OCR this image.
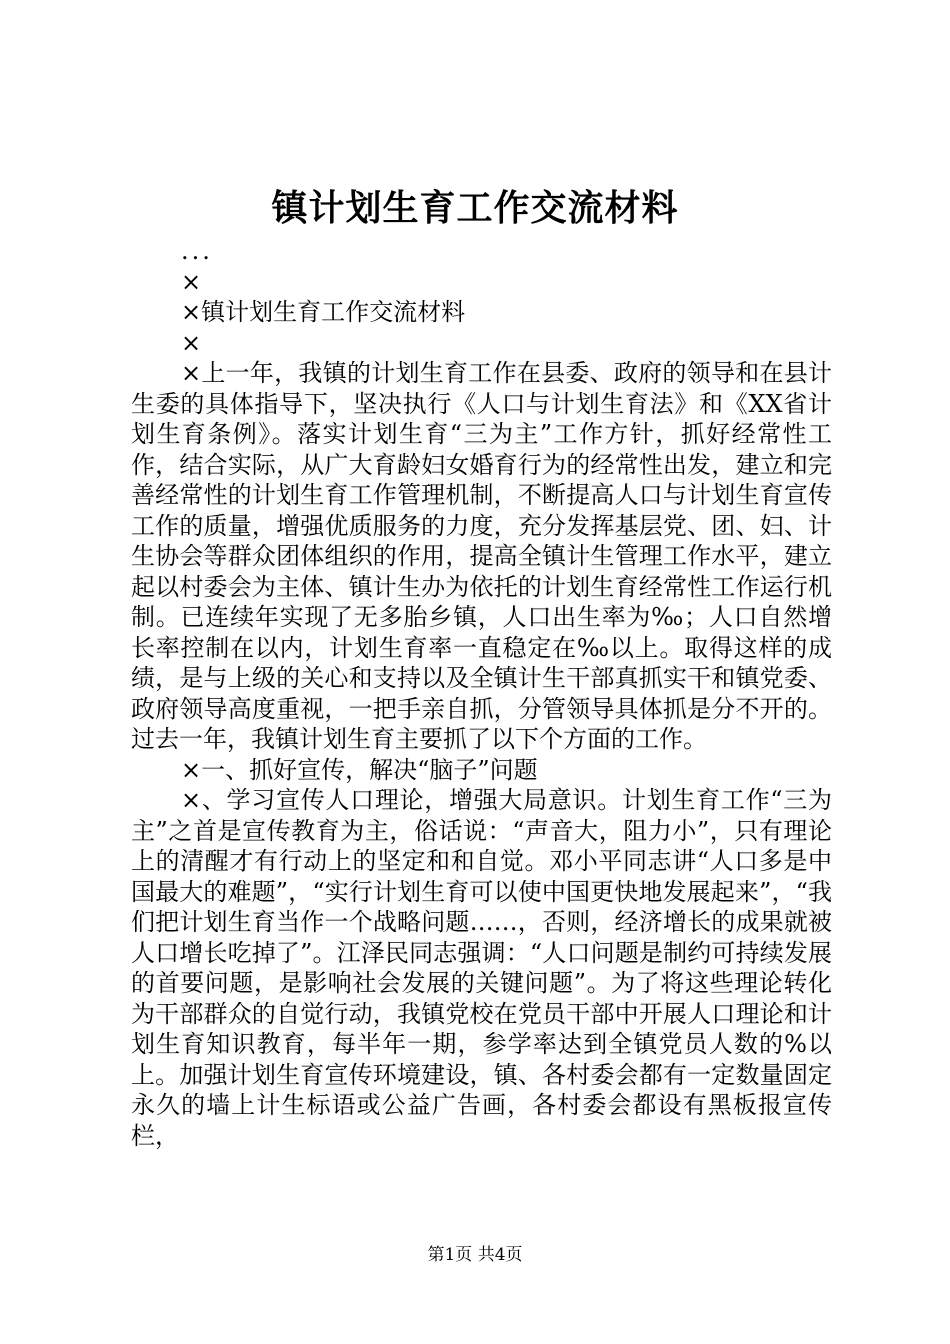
镇计划生育工作交流材料

...

×

×镇计划生育工作交流材料

×

×上一年，我镇的计划生育工作在县委、政府的领导和在县计生委的具体指导下，坚决执行《人口与计划生育法》和《XX省计划生育条例》。落实计划生育“三为主”工作方针，抓好经常性工作，结合实际，从广大育龄妇女婚育行为的经常性出发，建立和完善经常性的计划生育工作管理机制，不断提高人口与计划生育宣传工作的质量，增强优质服务的力度，充分发挥基层党、团、妇、计生协会等群众团体组织的作用，提高全镇计生管理工作水平，建立起以村委会为主体、镇计生办为依托的计划生育经常性工作运行机制。已连续年实现了无多胎乡镇，人口出生率为‰；人口自然增长率控制在以内，计划生育率一直稳定在‰以上。取得这样的成绩，是与上级的关心和支持以及全镇计生干部真抓实干和镇党委、政府领导高度重视，一把手亲自抓，分管领导具体抓是分不开的。过去一年，我镇计划生育主要抓了以下个方面的工作。

×一、抓好宣传，解决“脑子”问题

×、学习宣传人口理论，增强大局意识。计划生育工作“三为主”之首是宣传教育为主，俗话说：“声音大，阻力小”，只有理论上的清醒才有行动上的坚定和和自觉。邓小平同志讲“人口多是中国最大的难题”，“实行计划生育可以使中国更快地发展起来”，“我们把计划生育当作一个战略问题……，否则，经济增长的成果就被人口增长吃掉了”。江泽民同志强调：“人口问题是制约可持续发展的首要问题，是影响社会发展的关键问题”。为了将这些理论转化为干部群众的自觉行动，我镇党校在党员干部中开展人口理论和计划生育知识教育，每半年一期，参学率达到全镇党员人数的%以上。加强计划生育宣传环境建设，镇、各村委会都有一定数量固定永久的墙上计生标语或公益广告画，各村委会都设有黑板报宣传栏，

第1页 共4页
